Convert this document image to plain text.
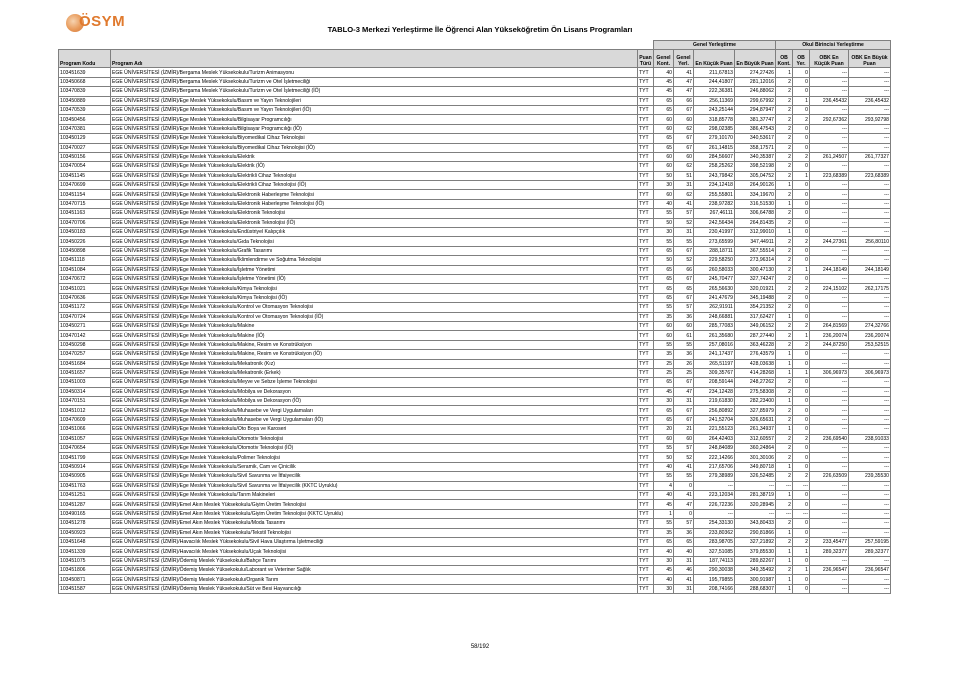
ÖSYM	TABLO-3 Merkezi Yerleştirme İle Öğrenci Alan Yükseköğretim Ön Lisans Programları
			Genel Yerleştirme				Okul Birincisi Yerleştirme			
Program Kodu	Program Adı	Puan Türü	Genel Kont.	Genel Yerl.	En Küçük Puan	En Büyük Puan	OB Kont.	OB Yer.	OBK En Küçük Puan	OBK En Büyük Puan
103451639	EGE ÜNİVERSİTESİ (İZMİR)/Bergama Meslek Yüksekokulu/Turizm Animasyonu	TYT	40	41	211,67813	274,27426	1	0	---	---
103450668	EGE ÜNİVERSİTESİ (İZMİR)/Bergama Meslek Yüksekokulu/Turizm ve Otel İşletmeciliği	TYT	45	47	244,41807	281,12016	2	0	---	---
103470839	EGE ÜNİVERSİTESİ (İZMİR)/Bergama Meslek Yüksekokulu/Turizm ve Otel İşletmeciliği (İÖ)	TYT	45	47	222,36381	246,88062	2	0	---	---
103450889	EGE ÜNİVERSİTESİ (İZMİR)/Ege Meslek Yüksekokulu/Basım ve Yayın Teknolojileri	TYT	65	66	256,11369	299,67992	2	1	236,45432	236,45432
103470539	EGE ÜNİVERSİTESİ (İZMİR)/Ege Meslek Yüksekokulu/Basım ve Yayın Teknolojileri (İÖ)	TYT	65	67	243,25144	294,87947	2	0	---	---
103450456	EGE ÜNİVERSİTESİ (İZMİR)/Ege Meslek Yüksekokulu/Bilgisayar Programcılığı	TYT	60	60	318,85778	381,37747	2	2	292,67362	293,92798
103470381	EGE ÜNİVERSİTESİ (İZMİR)/Ege Meslek Yüksekokulu/Bilgisayar Programcılığı (İÖ)	TYT	60	62	298,02385	386,47543	2	0	---	---
103450129	EGE ÜNİVERSİTESİ (İZMİR)/Ege Meslek Yüksekokulu/Biyomedikal Cihaz Teknolojisi	TYT	65	67	279,10170	340,53617	2	0	---	---
103470027	EGE ÜNİVERSİTESİ (İZMİR)/Ege Meslek Yüksekokulu/Biyomedikal Cihaz Teknolojisi (İÖ)	TYT	65	67	261,14815	358,17571	2	0	---	---
103450156	EGE ÜNİVERSİTESİ (İZMİR)/Ege Meslek Yüksekokulu/Elektrik	TYT	60	60	284,56607	340,35387	2	2	261,24507	261,77327
103470054	EGE ÜNİVERSİTESİ (İZMİR)/Ege Meslek Yüksekokulu/Elektrik (İÖ)	TYT	60	62	258,25262	398,52198	2	0	---	---
103451145	EGE ÜNİVERSİTESİ (İZMİR)/Ege Meslek Yüksekokulu/Elektrikli Cihaz Teknolojisi	TYT	50	51	243,79842	305,04752	2	1	223,68389	223,68389
103470699	EGE ÜNİVERSİTESİ (İZMİR)/Ege Meslek Yüksekokulu/Elektrikli Cihaz Teknolojisi (İÖ)	TYT	30	31	234,12418	264,90126	1	0	---	---
103451154	EGE ÜNİVERSİTESİ (İZMİR)/Ege Meslek Yüksekokulu/Elektronik Haberleşme Teknolojisi	TYT	60	62	255,55801	334,19670	2	0	---	---
103470715	EGE ÜNİVERSİTESİ (İZMİR)/Ege Meslek Yüksekokulu/Elektronik Haberleşme Teknolojisi (İÖ)	TYT	40	41	238,97282	316,51530	1	0	---	---
103451163	EGE ÜNİVERSİTESİ (İZMİR)/Ege Meslek Yüksekokulu/Elektronik Teknolojisi	TYT	55	57	267,46111	306,64788	2	0	---	---
103470706	EGE ÜNİVERSİTESİ (İZMİR)/Ege Meslek Yüksekokulu/Elektronik Teknolojisi (İÖ)	TYT	50	52	242,56434	264,81435	2	0	---	---
103450183	EGE ÜNİVERSİTESİ (İZMİR)/Ege Meslek Yüksekokulu/Endüstriyel Kalıpçılık	TYT	30	31	230,41997	312,99010	1	0	---	---
103450226	EGE ÜNİVERSİTESİ (İZMİR)/Ege Meslek Yüksekokulu/Gıda Teknolojisi	TYT	55	55	273,65599	347,44911	2	2	244,27361	256,80110
103450898	EGE ÜNİVERSİTESİ (İZMİR)/Ege Meslek Yüksekokulu/Grafik Tasarımı	TYT	65	67	288,18711	367,55514	2	0	---	---
103451118	EGE ÜNİVERSİTESİ (İZMİR)/Ege Meslek Yüksekokulu/İklimlendirme ve Soğutma Teknolojisi	TYT	50	52	229,58250	273,96314	2	0	---	---
103451084	EGE ÜNİVERSİTESİ (İZMİR)/Ege Meslek Yüksekokulu/İşletme Yönetimi	TYT	65	66	260,58033	300,47130	2	1	244,18149	244,18149
103470672	EGE ÜNİVERSİTESİ (İZMİR)/Ege Meslek Yüksekokulu/İşletme Yönetimi (İÖ)	TYT	65	67	245,70477	327,74247	2	0	---	---
103451021	EGE ÜNİVERSİTESİ (İZMİR)/Ege Meslek Yüksekokulu/Kimya Teknolojisi	TYT	65	65	265,56630	320,01921	2	2	224,15102	262,17175
103470636	EGE ÜNİVERSİTESİ (İZMİR)/Ege Meslek Yüksekokulu/Kimya Teknolojisi (İÖ)	TYT	65	67	241,47679	345,19488	2	0	---	---
103451172	EGE ÜNİVERSİTESİ (İZMİR)/Ege Meslek Yüksekokulu/Kontrol ve Otomasyon Teknolojisi	TYT	55	57	262,91911	354,21352	2	0	---	---
103470724	EGE ÜNİVERSİTESİ (İZMİR)/Ege Meslek Yüksekokulu/Kontrol ve Otomasyon Teknolojisi (İÖ)	TYT	35	36	248,66881	317,62427	1	0	---	---
103450271	EGE ÜNİVERSİTESİ (İZMİR)/Ege Meslek Yüksekokulu/Makine	TYT	60	60	285,77083	349,06152	2	2	264,81569	274,32766
103470142	EGE ÜNİVERSİTESİ (İZMİR)/Ege Meslek Yüksekokulu/Makine (İÖ)	TYT	60	61	261,35680	287,27440	2	1	236,20074	236,20074
103450298	EGE ÜNİVERSİTESİ (İZMİR)/Ege Meslek Yüksekokulu/Makine, Resim ve Konstrüksiyon	TYT	55	55	257,08016	363,46228	2	2	244,87250	253,52515
103470257	EGE ÜNİVERSİTESİ (İZMİR)/Ege Meslek Yüksekokulu/Makine, Resim ve Konstrüksiyon (İÖ)	TYT	35	36	241,17437	276,43579	1	0	---	---
103451684	EGE ÜNİVERSİTESİ (İZMİR)/Ege Meslek Yüksekokulu/Mekatronik (Kız)	TYT	25	26	265,51197	428,03638	1	0	---	---
103451657	EGE ÜNİVERSİTESİ (İZMİR)/Ege Meslek Yüksekokulu/Mekatronik (Erkek)	TYT	25	25	309,35767	414,28268	1	1	306,96973	306,96973
103451003	EGE ÜNİVERSİTESİ (İZMİR)/Ege Meslek Yüksekokulu/Meyve ve Sebze İşleme Teknolojisi	TYT	65	67	208,59144	248,27262	2	0	---	---
103450314	EGE ÜNİVERSİTESİ (İZMİR)/Ege Meslek Yüksekokulu/Mobilya ve Dekorasyon	TYT	45	47	234,12428	275,58308	2	0	---	---
103470151	EGE ÜNİVERSİTESİ (İZMİR)/Ege Meslek Yüksekokulu/Mobilya ve Dekorasyon (İÖ)	TYT	30	31	219,61830	282,23400	1	0	---	---
103451012	EGE ÜNİVERSİTESİ (İZMİR)/Ege Meslek Yüksekokulu/Muhasebe ve Vergi Uygulamaları	TYT	65	67	256,80892	327,85979	2	0	---	---
103470609	EGE ÜNİVERSİTESİ (İZMİR)/Ege Meslek Yüksekokulu/Muhasebe ve Vergi Uygulamaları (İÖ)	TYT	65	67	241,52704	326,65631	2	0	---	---
103451066	EGE ÜNİVERSİTESİ (İZMİR)/Ege Meslek Yüksekokulu/Oto Boya ve Karoseri	TYT	20	21	221,55123	261,34937	1	0	---	---
103451057	EGE ÜNİVERSİTESİ (İZMİR)/Ege Meslek Yüksekokulu/Otomotiv Teknolojisi	TYT	60	60	264,42403	312,60557	2	2	236,69540	238,91033
103470654	EGE ÜNİVERSİTESİ (İZMİR)/Ege Meslek Yüksekokulu/Otomotiv Teknolojisi (İÖ)	TYT	55	57	248,84089	360,24864	2	0	---	---
103451799	EGE ÜNİVERSİTESİ (İZMİR)/Ege Meslek Yüksekokulu/Polimer Teknolojisi	TYT	50	52	222,14266	301,30106	2	0	---	---
103450914	EGE ÜNİVERSİTESİ (İZMİR)/Ege Meslek Yüksekokulu/Seramik, Cam ve Çinicilik	TYT	40	41	217,65706	349,80718	1	0	---	---
103450905	EGE ÜNİVERSİTESİ (İZMİR)/Ege Meslek Yüksekokulu/Sivil Savunma ve İtfaiyecilik	TYT	55	55	279,38989	326,52485	2	2	226,63509	239,35530
103451763	EGE ÜNİVERSİTESİ (İZMİR)/Ege Meslek Yüksekokulu/Sivil Savunma ve İtfaiyecilik (KKTC Uyruklu)	TYT	4	0	---	---	---	---	---	---
103451251	EGE ÜNİVERSİTESİ (İZMİR)/Ege Meslek Yüksekokulu/Tarım Makineleri	TYT	40	41	223,12034	281,38719	1	0	---	---
103451287	EGE ÜNİVERSİTESİ (İZMİR)/Emel Akın Meslek Yüksekokulu/Giyim Üretim Teknolojisi	TYT	45	47	226,72236	320,28945	2	0	---	---
103490165	EGE ÜNİVERSİTESİ (İZMİR)/Emel Akın Meslek Yüksekokulu/Giyim Üretim Teknolojisi (KKTC Uyruklu)	TYT	1	0	---	---	---	---	---	---
103451278	EGE ÜNİVERSİTESİ (İZMİR)/Emel Akın Meslek Yüksekokulu/Moda Tasarımı	TYT	55	57	254,33130	343,80433	2	0	---	---
103450923	EGE ÜNİVERSİTESİ (İZMİR)/Emel Akın Meslek Yüksekokulu/Tekstil Teknolojisi	TYT	35	36	233,80362	290,81866	1	0	---	---
103451648	EGE ÜNİVERSİTESİ (İZMİR)/Havacılık Meslek Yüksekokulu/Sivil Hava Ulaştırma İşletmeciliği	TYT	65	65	283,98705	327,21892	2	2	233,45477	257,59195
103451339	EGE ÜNİVERSİTESİ (İZMİR)/Havacılık Meslek Yüksekokulu/Uçak Teknolojisi	TYT	40	40	327,51085	379,85530	1	1	289,32377	289,32377
103451075	EGE ÜNİVERSİTESİ (İZMİR)/Ödemiş Meslek Yüksekokulu/Bahçe Tarımı	TYT	30	31	187,74113	289,82267	1	0	---	---
103451806	EGE ÜNİVERSİTESİ (İZMİR)/Ödemiş Meslek Yüksekokulu/Laborant ve Veteriner Sağlık	TYT	45	46	290,30038	349,35492	2	1	236,96547	236,96547
103450871	EGE ÜNİVERSİTESİ (İZMİR)/Ödemiş Meslek Yüksekokulu/Organik Tarım	TYT	40	41	195,79855	300,91987	1	0	---	---
103451587	EGE ÜNİVERSİTESİ (İZMİR)/Ödemiş Meslek Yüksekokulu/Süt ve Besi Hayvancılığı	TYT	30	31	208,74166	288,68307	1	0	---	---
58/192
